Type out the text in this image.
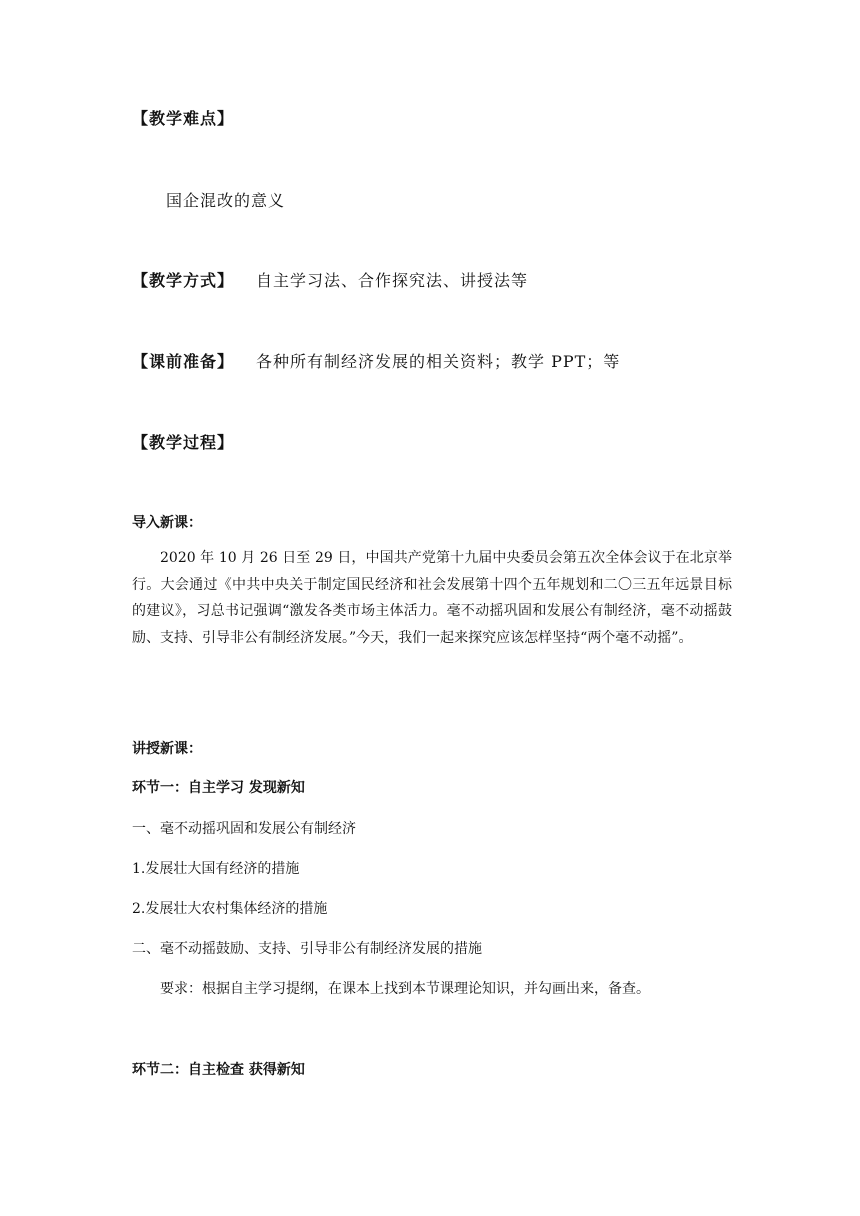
【教学难点】
国企混改的意义
【教学方式】 自主学习法、合作探究法、讲授法等
【课前准备】 各种所有制经济发展的相关资料；教学 PPT；等
【教学过程】
导入新课：

2020 年 10 月 26 日至 29 日，中国共产党第十九届中央委员会第五次全体会议于在北京举行。大会通过《中共中央关于制定国民经济和社会发展第十四个五年规划和二〇三五年远景目标的建议》，习总书记强调“激发各类市场主体活力。毫不动摇巩固和发展公有制经济，毫不动摇鼓励、支持、引导非公有制经济发展。”今天，我们一起来探究应该怎样坚持“两个毫不动摇”。

讲授新课：
环节一：自主学习 发现新知
一、毫不动摇巩固和发展公有制经济
1.发展壮大国有经济的措施
2.发展壮大农村集体经济的措施
二、毫不动摇鼓励、支持、引导非公有制经济发展的措施
要求：根据自主学习提纲，在课本上找到本节课理论知识，并勾画出来，备查。
环节二：自主检查 获得新知
